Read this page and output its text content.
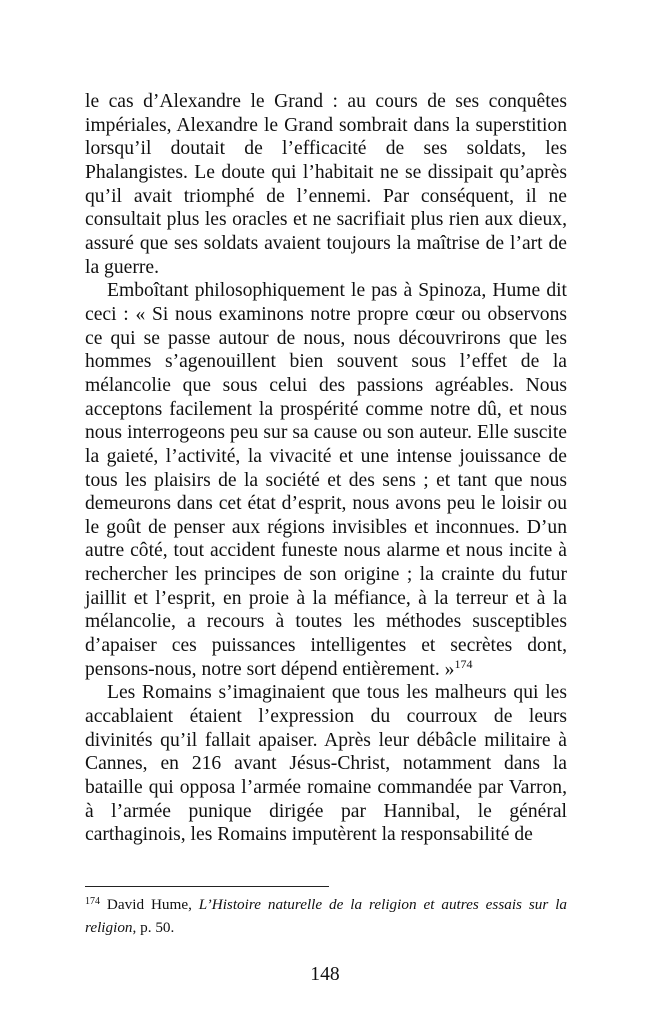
le cas d’Alexandre le Grand : au cours de ses conquêtes impériales, Alexandre le Grand sombrait dans la superstition lorsqu’il doutait de l’efficacité de ses soldats, les Phalangistes. Le doute qui l’habitait ne se dissipait qu’après qu’il avait triomphé de l’ennemi. Par conséquent, il ne consultait plus les oracles et ne sacrifiait plus rien aux dieux, assuré que ses soldats avaient toujours la maîtrise de l’art de la guerre.

Emboîtant philosophiquement le pas à Spinoza, Hume dit ceci : « Si nous examinons notre propre cœur ou observons ce qui se passe autour de nous, nous découvrirons que les hommes s’agenouillent bien souvent sous l’effet de la mélancolie que sous celui des passions agréables. Nous acceptons facilement la prospérité comme notre dû, et nous nous interrogeons peu sur sa cause ou son auteur. Elle suscite la gaieté, l’activité, la vivacité et une intense jouissance de tous les plaisirs de la société et des sens ; et tant que nous demeurons dans cet état d’esprit, nous avons peu le loisir ou le goût de penser aux régions invisibles et inconnues. D’un autre côté, tout accident funeste nous alarme et nous incite à rechercher les principes de son origine ; la crainte du futur jaillit et l’esprit, en proie à la méfiance, à la terreur et à la mélancolie, a recours à toutes les méthodes susceptibles d’apaiser ces puissances intelligentes et secrètes dont, pensons-nous, notre sort dépend entièrement. »$^{174}$

Les Romains s’imaginaient que tous les malheurs qui les accablaient étaient l’expression du courroux de leurs divinités qu’il fallait apaiser. Après leur débâcle militaire à Cannes, en 216 avant Jésus-Christ, notamment dans la bataille qui opposa l’armée romaine commandée par Varron, à l’armée punique dirigée par Hannibal, le général carthaginois, les Romains imputèrent la responsabilité de

$^{174}$ David Hume, L’Histoire naturelle de la religion et autres essais sur la religion, p. 50.

148
